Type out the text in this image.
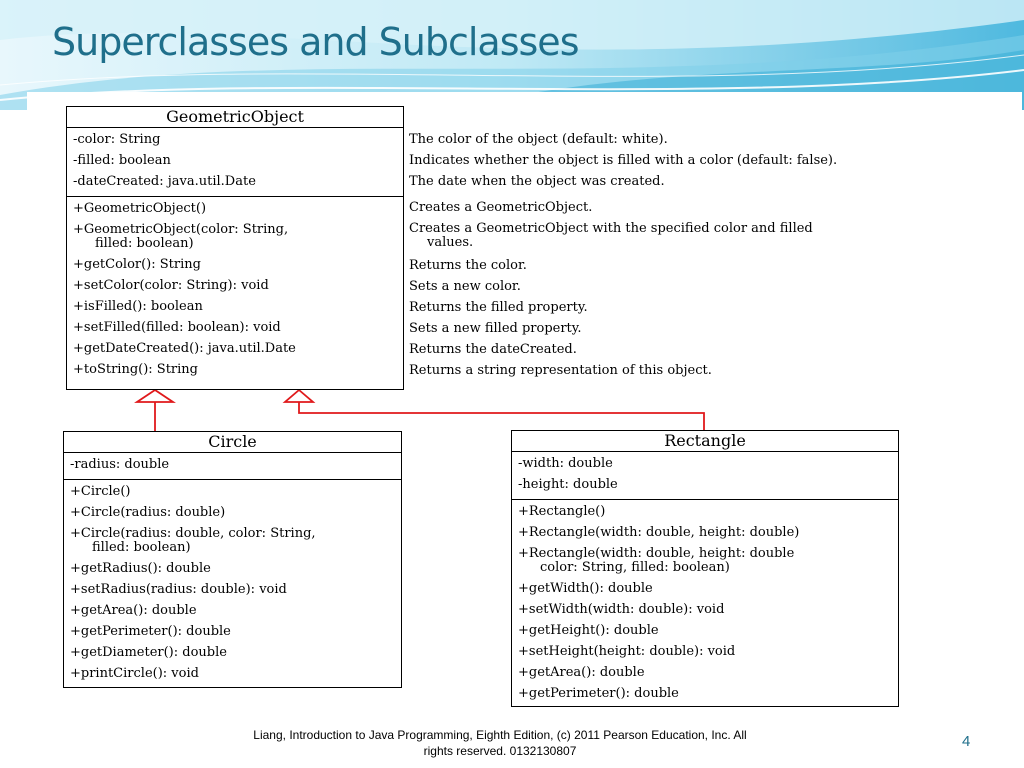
Superclasses and Subclasses
GeometricObject
-color: String
-filled: boolean
-dateCreated: java.util.Date
+GeometricObject()
+GeometricObject(color: String,
filled: boolean)
+getColor(): String
+setColor(color: String): void
+isFilled(): boolean
+setFilled(filled: boolean): void
+getDateCreated(): java.util.Date
+toString(): String
The color of the object (default: white).
Indicates whether the object is filled with a color (default: false).
The date when the object was created.
Creates a GeometricObject.
Creates a GeometricObject with the specified color and filled
values.
Returns the color.
Sets a new color.
Returns the filled property.
Sets a new filled property.
Returns the dateCreated.
Returns a string representation of this object.
Circle
-radius: double
+Circle()
+Circle(radius: double)
+Circle(radius: double, color: String,
filled: boolean)
+getRadius(): double
+setRadius(radius: double): void
+getArea(): double
+getPerimeter(): double
+getDiameter(): double
+printCircle(): void
Rectangle
-width: double
-height: double
+Rectangle()
+Rectangle(width: double, height: double)
+Rectangle(width: double, height: double
color: String, filled: boolean)
+getWidth(): double
+setWidth(width: double): void
+getHeight(): double
+setHeight(height: double): void
+getArea(): double
+getPerimeter(): double
Liang, Introduction to Java Programming, Eighth Edition, (c) 2011 Pearson Education, Inc. All
rights reserved. 0132130807
4
